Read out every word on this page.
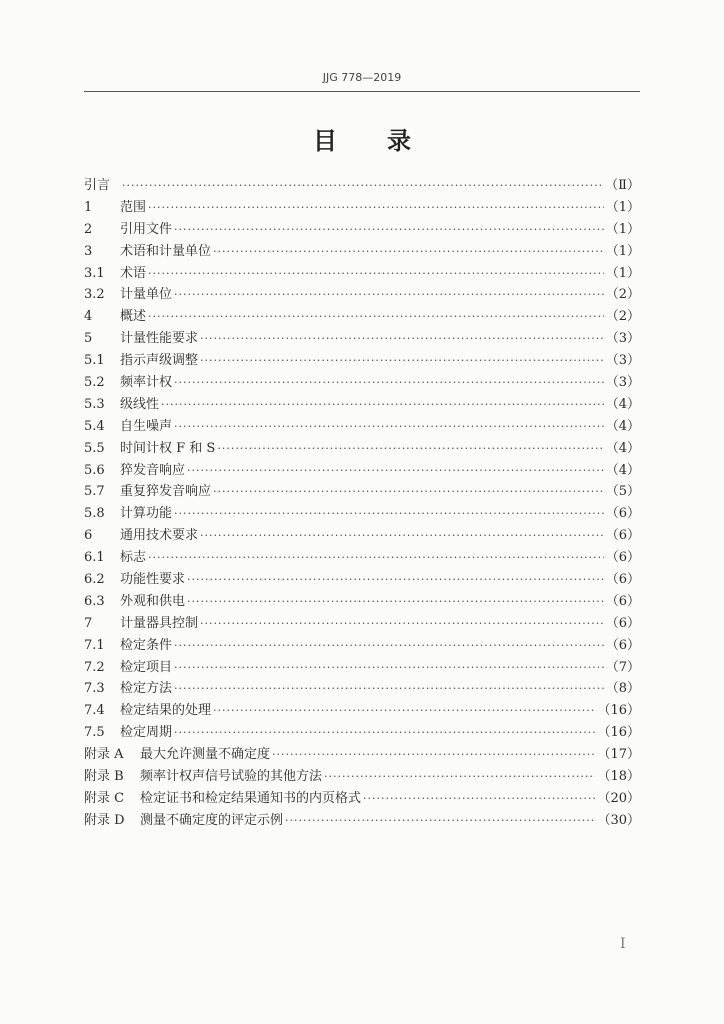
JJG 778—2019
目录
引言 ·····	（Ⅱ）
1	范围 ·····	（1）
2	引用文件 ·····	（1）
3	术语和计量单位 ·····	（1）
3.1	术语 ·····	（1）
3.2	计量单位 ·····	（2）
4	概述 ·····	（2）
5	计量性能要求 ·····	（3）
5.1	指示声级调整 ·····	（3）
5.2	频率计权 ·····	（3）
5.3	级线性 ·····	（4）
5.4	自生噪声 ·····	（4）
5.5	时间计权 F 和 S ·····	（4）
5.6	猝发音响应 ·····	（4）
5.7	重复猝发音响应 ·····	（5）
5.8	计算功能 ·····	（6）
6	通用技术要求 ·····	（6）
6.1	标志 ·····	（6）
6.2	功能性要求 ·····	（6）
6.3	外观和供电 ·····	（6）
7	计量器具控制 ·····	（6）
7.1	检定条件 ·····	（6）
7.2	检定项目 ·····	（7）
7.3	检定方法 ·····	（8）
7.4	检定结果的处理 ·····	（16）
7.5	检定周期 ·····	（16）
附录 A	最大允许测量不确定度 ·····	（17）
附录 B	频率计权声信号试验的其他方法 ·····	（18）
附录 C	检定证书和检定结果通知书的内页格式 ·····	（20）
附录 D	测量不确定度的评定示例 ·····	（30）
I
